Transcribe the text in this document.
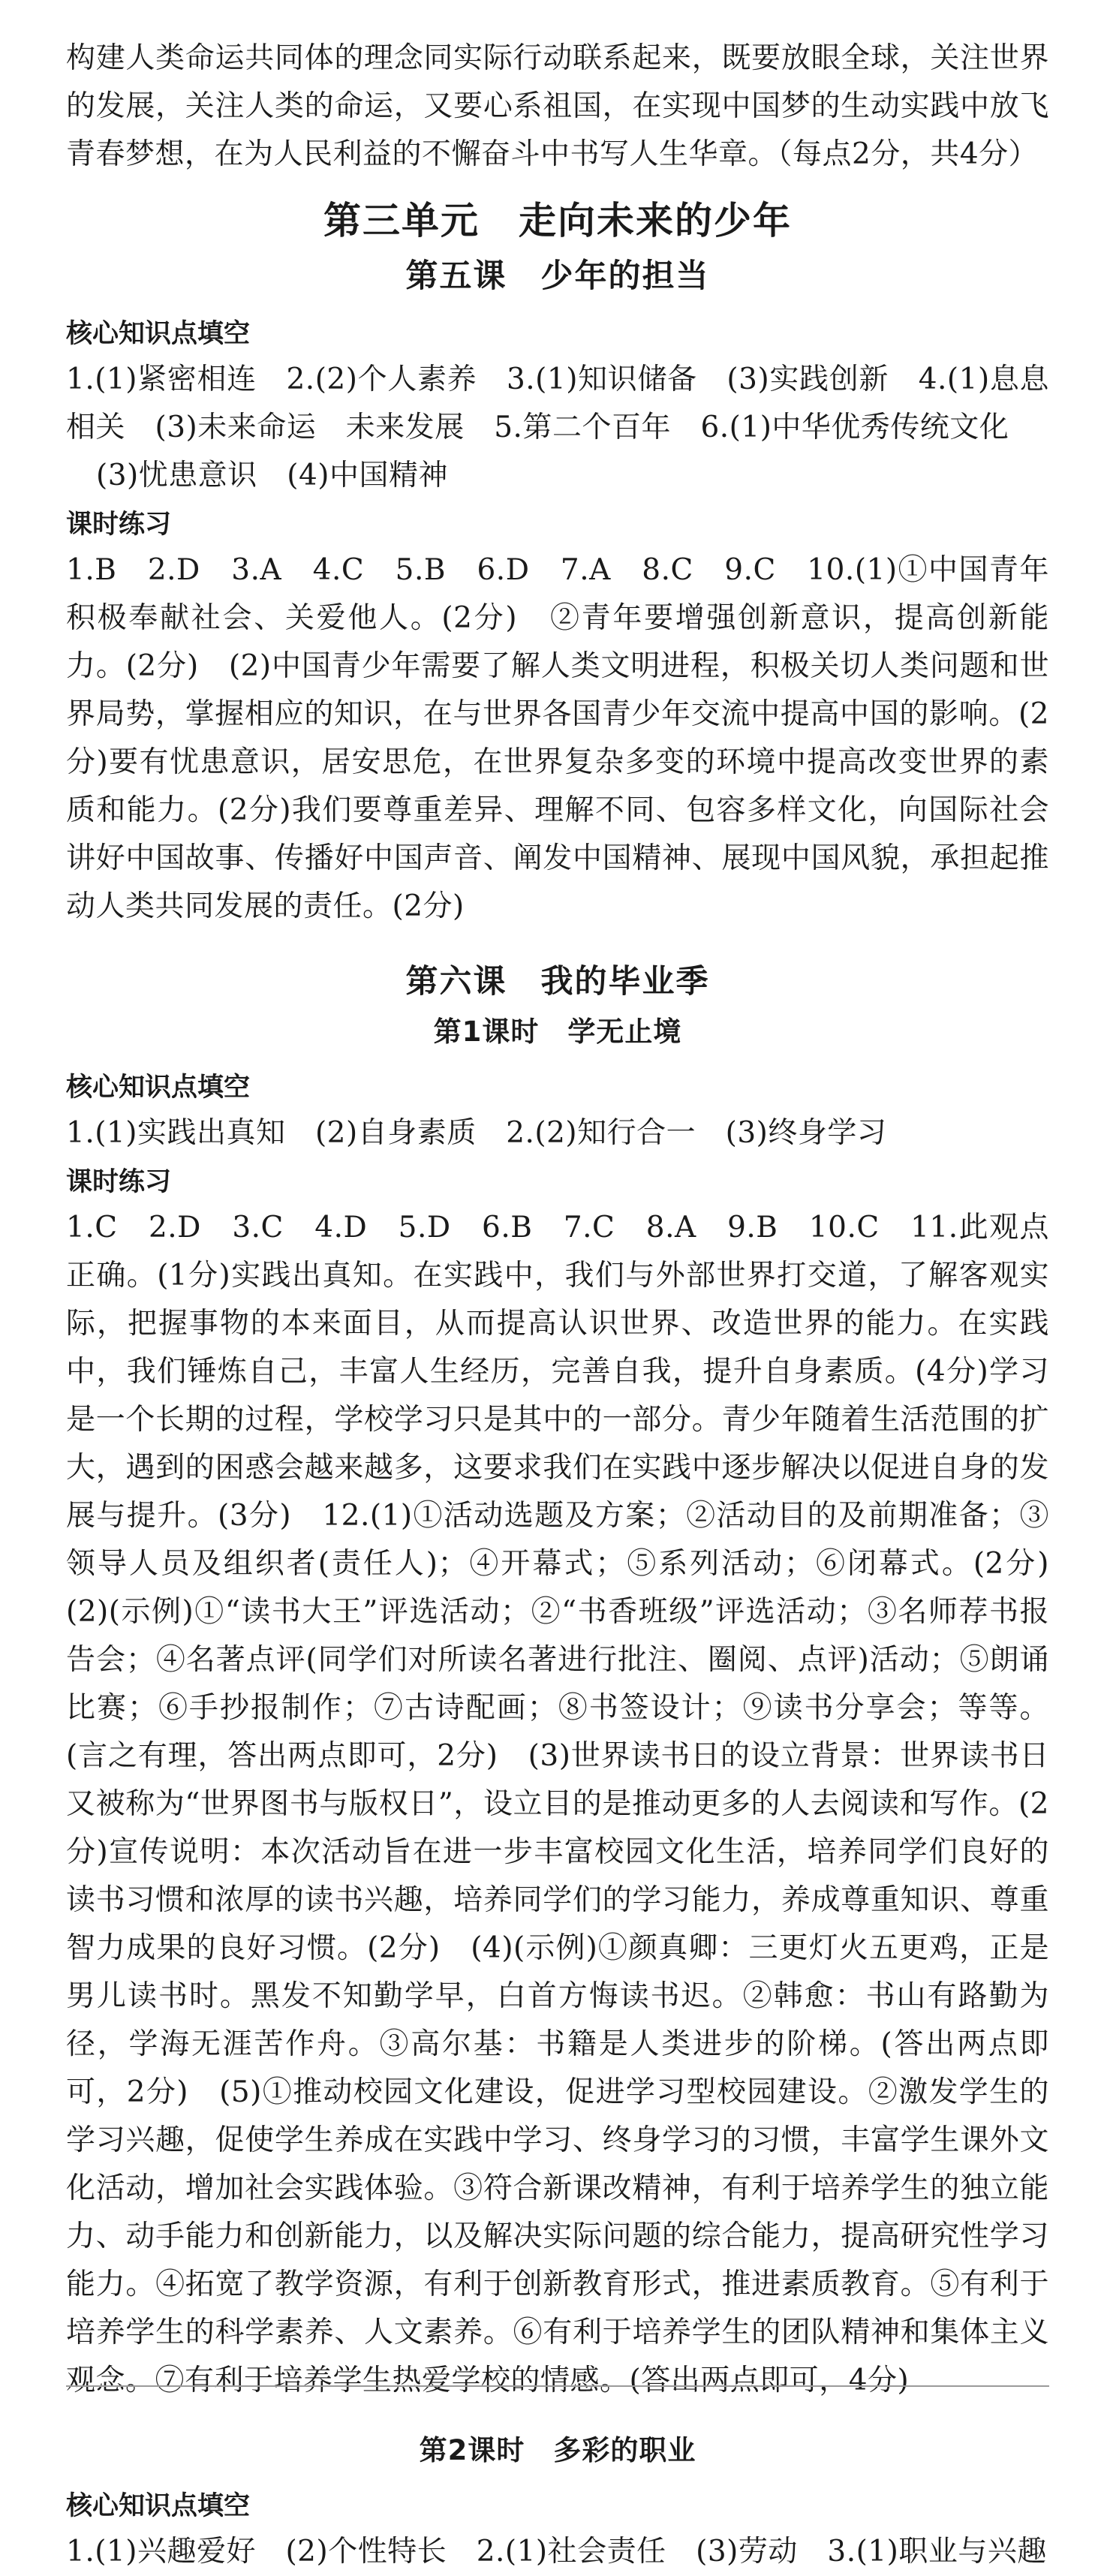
构建人类命运共同体的理念同实际行动联系起来，既要放眼全球，关注世界的发展，关注人类的命运，又要心系祖国，在实现中国梦的生动实践中放飞青春梦想，在为人民利益的不懈奋斗中书写人生华章。（每点2分，共4分）

第三单元　走向未来的少年
第五课　少年的担当
核心知识点填空

1.(1)紧密相连　2.(2)个人素养　3.(1)知识储备　(3)实践创新　4.(1)息息相关　(3)未来命运　未来发展　5.第二个百年　6.(1)中华优秀传统文化

(3)忧患意识　(4)中国精神

课时练习

1.B　2.D　3.A　4.C　5.B　6.D　7.A　8.C　9.C　10.(1)①中国青年积极奉献社会、关爱他人。(2分)　②青年要增强创新意识，提高创新能力。(2分)　(2)中国青少年需要了解人类文明进程，积极关切人类问题和世界局势，掌握相应的知识，在与世界各国青少年交流中提高中国的影响。(2分)要有忧患意识，居安思危，在世界复杂多变的环境中提高改变世界的素质和能力。(2分)我们要尊重差异、理解不同、包容多样文化，向国际社会讲好中国故事、传播好中国声音、阐发中国精神、展现中国风貌，承担起推动人类共同发展的责任。(2分)

第六课　我的毕业季
第1课时　学无止境
核心知识点填空

1.(1)实践出真知　(2)自身素质　2.(2)知行合一　(3)终身学习

课时练习

1.C　2.D　3.C　4.D　5.D　6.B　7.C　8.A　9.B　10.C　11.此观点正确。(1分)实践出真知。在实践中，我们与外部世界打交道，了解客观实际，把握事物的本来面目，从而提高认识世界、改造世界的能力。在实践中，我们锤炼自己，丰富人生经历，完善自我，提升自身素质。(4分)学习是一个长期的过程，学校学习只是其中的一部分。青少年随着生活范围的扩大，遇到的困惑会越来越多，这要求我们在实践中逐步解决以促进自身的发展与提升。(3分)　12.(1)①活动选题及方案；②活动目的及前期准备；③领导人员及组织者(责任人)；④开幕式；⑤系列活动；⑥闭幕式。(2分)　(2)(示例)①“读书大王”评选活动；②“书香班级”评选活动；③名师荐书报告会；④名著点评(同学们对所读名著进行批注、圈阅、点评)活动；⑤朗诵比赛；⑥手抄报制作；⑦古诗配画；⑧书签设计；⑨读书分享会；等等。(言之有理，答出两点即可，2分)　(3)世界读书日的设立背景：世界读书日又被称为“世界图书与版权日”，设立目的是推动更多的人去阅读和写作。(2分)宣传说明：本次活动旨在进一步丰富校园文化生活，培养同学们良好的读书习惯和浓厚的读书兴趣，培养同学们的学习能力，养成尊重知识、尊重智力成果的良好习惯。(2分)　(4)(示例)①颜真卿：三更灯火五更鸡，正是男儿读书时。黑发不知勤学早，白首方悔读书迟。②韩愈：书山有路勤为径，学海无涯苦作舟。③高尔基：书籍是人类进步的阶梯。(答出两点即可，2分)　(5)①推动校园文化建设，促进学习型校园建设。②激发学生的学习兴趣，促使学生养成在实践中学习、终身学习的习惯，丰富学生课外文化活动，增加社会实践体验。③符合新课改精神，有利于培养学生的独立能力、动手能力和创新能力，以及解决实际问题的综合能力，提高研究性学习能力。④拓宽了教学资源，有利于创新教育形式，推进素质教育。⑤有利于培养学生的科学素养、人文素养。⑥有利于培养学生的团队精神和集体主义观念。⑦有利于培养学生热爱学校的情感。(答出两点即可，4分)

第2课时　多彩的职业
核心知识点填空

1.(1)兴趣爱好　(2)个性特长　2.(1)社会责任　(3)劳动　3.(1)职业与兴趣
